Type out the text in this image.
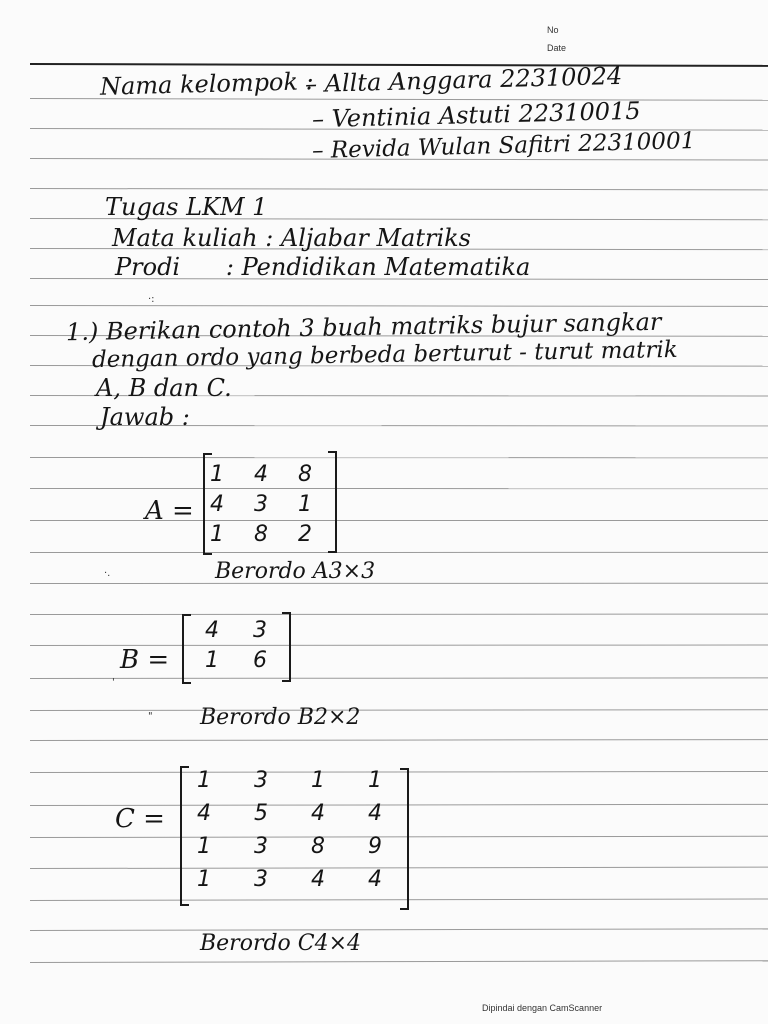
No
Date
Nama kelompok :
– Allta Anggara 22310024
– Ventinia Astuti 22310015
– Revida Wulan Safitri 22310001
Tugas LKM 1
Mata kuliah : Aljabar Matriks
Prodi      : Pendidikan Matematika
·:
1.) Berikan contoh 3 buah matriks bujur sangkar
dengan ordo yang berbeda berturut - turut matrik
A, B dan C.
Jawab :
A =
1 4 8
4 3 1
1 8 2
Berordo A3×3
·.
B =
4 3
1 6
'
" Berordo B2×2
C =
1 3 1 1
4 5 4 4
1 3 8 9
1 3 4 4
Berordo C4×4
Dipindai dengan CamScanner
